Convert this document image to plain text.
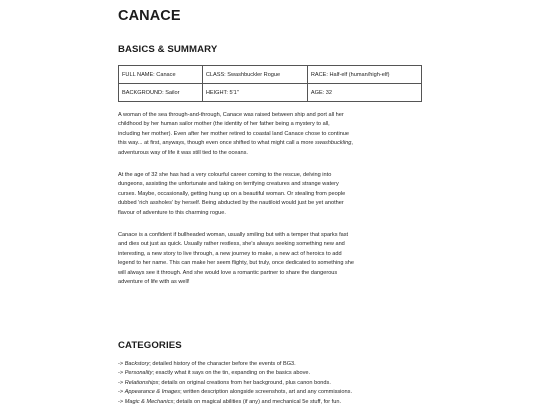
CANACE
BASICS & SUMMARY
FULL NAME: Canace	CLASS: Swashbuckler Rogue	RACE: Half-elf (human/high-elf)
BACKGROUND: Sailor	HEIGHT: 5'1"	AGE: 32
A woman of the sea through-and-through, Canace was raised between ship and port all her
childhood by her human sailor mother (the identity of her father being a mystery to all,
including her mother). Even after her mother retired to coastal land Canace chose to continue
this way... at first, anyways, though even once shifted to what might call a more swashbuckling,
adventurous way of life it was still tied to the oceans.
At the age of 32 she has had a very colourful career coming to the rescue, delving into
dungeons, assisting the unfortunate and taking on terrifying creatures and strange watery
curses. Maybe, occasionally, getting hung up on a beautiful woman. Or stealing from people
dubbed 'rich assholes' by herself. Being abducted by the nautiloid would just be yet another
flavour of adventure to this charming rogue.
Canace is a confident if bullheaded woman, usually smiling but with a temper that sparks fast
and dies out just as quick. Usually rather restless, she's always seeking something new and
interesting, a new story to live through, a new journey to make, a new act of heroics to add
legend to her name. This can make her seem flighty, but truly, once dedicated to something she
will always see it through. And she would love a romantic partner to share the dangerous
adventure of life with as well!
CATEGORIES
-> Backstory; detailed history of the character before the events of BG3.
-> Personality; exactly what it says on the tin, expanding on the basics above.
-> Relationships; details on original creations from her background, plus canon bonds.
-> Appearance & Images; written description alongside screenshots, art and any commissions.
-> Magic & Mechanics; details on magical abilities (if any) and mechanical 5e stuff, for fun.
